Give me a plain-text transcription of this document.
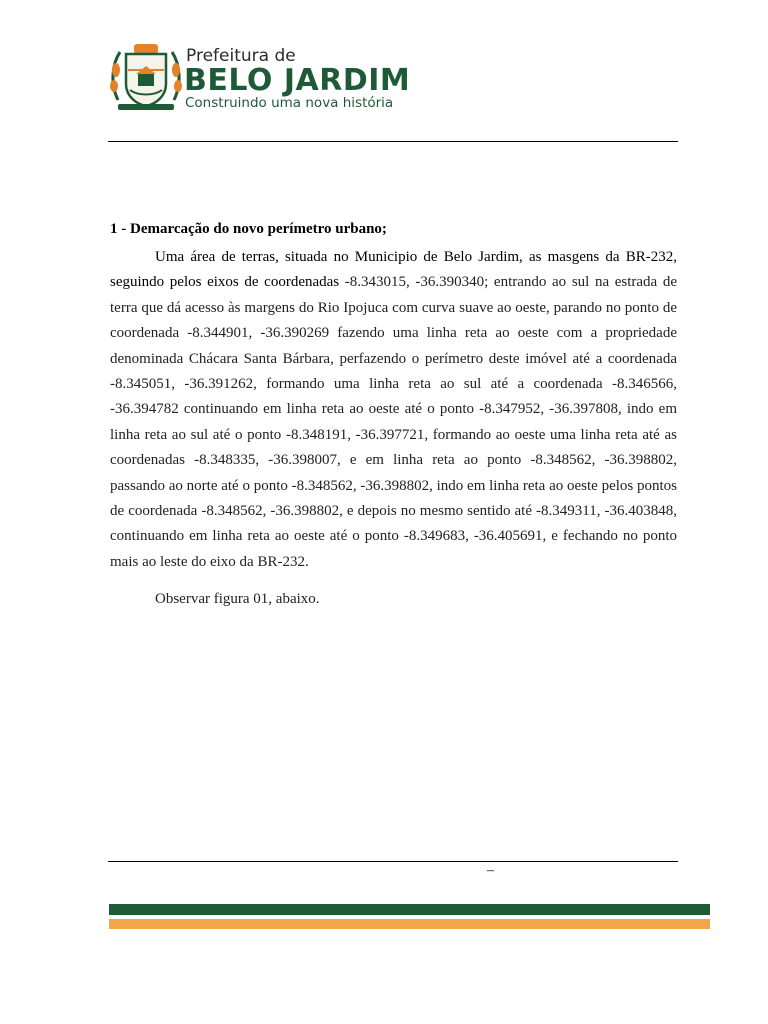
Prefeitura de
BELO JARDIM
Construindo uma nova história
1 - Demarcação do novo perímetro urbano;

Uma área de terras, situada no Municipio de Belo Jardim, as masgens da BR-232, seguindo pelos eixos de coordenadas -8.343015, -36.390340; entrando ao sul na estrada de terra que dá acesso às margens do Rio Ipojuca com curva suave ao oeste, parando no ponto de coordenada -8.344901, -36.390269 fazendo uma linha reta ao oeste com a propriedade denominada Chácara Santa Bárbara, perfazendo o perímetro deste imóvel até a coordenada -8.345051, -36.391262, formando uma linha reta ao sul até a coordenada -8.346566, -36.394782 continuando em linha reta ao oeste até o ponto -8.347952, -36.397808, indo em linha reta ao sul até o ponto -8.348191, -36.397721, formando ao oeste uma linha reta até as coordenadas -8.348335, -36.398007, e em linha reta ao ponto -8.348562, -36.398802, passando ao norte até o ponto -8.348562, -36.398802, indo em linha reta ao oeste pelos pontos de coordenada -8.348562, -36.398802, e depois no mesmo sentido até -8.349311, -36.403848, continuando em linha reta ao oeste até o ponto -8.349683, -36.405691, e fechando no ponto mais ao leste do eixo da BR-232.

Observar figura 01, abaixo.

–
